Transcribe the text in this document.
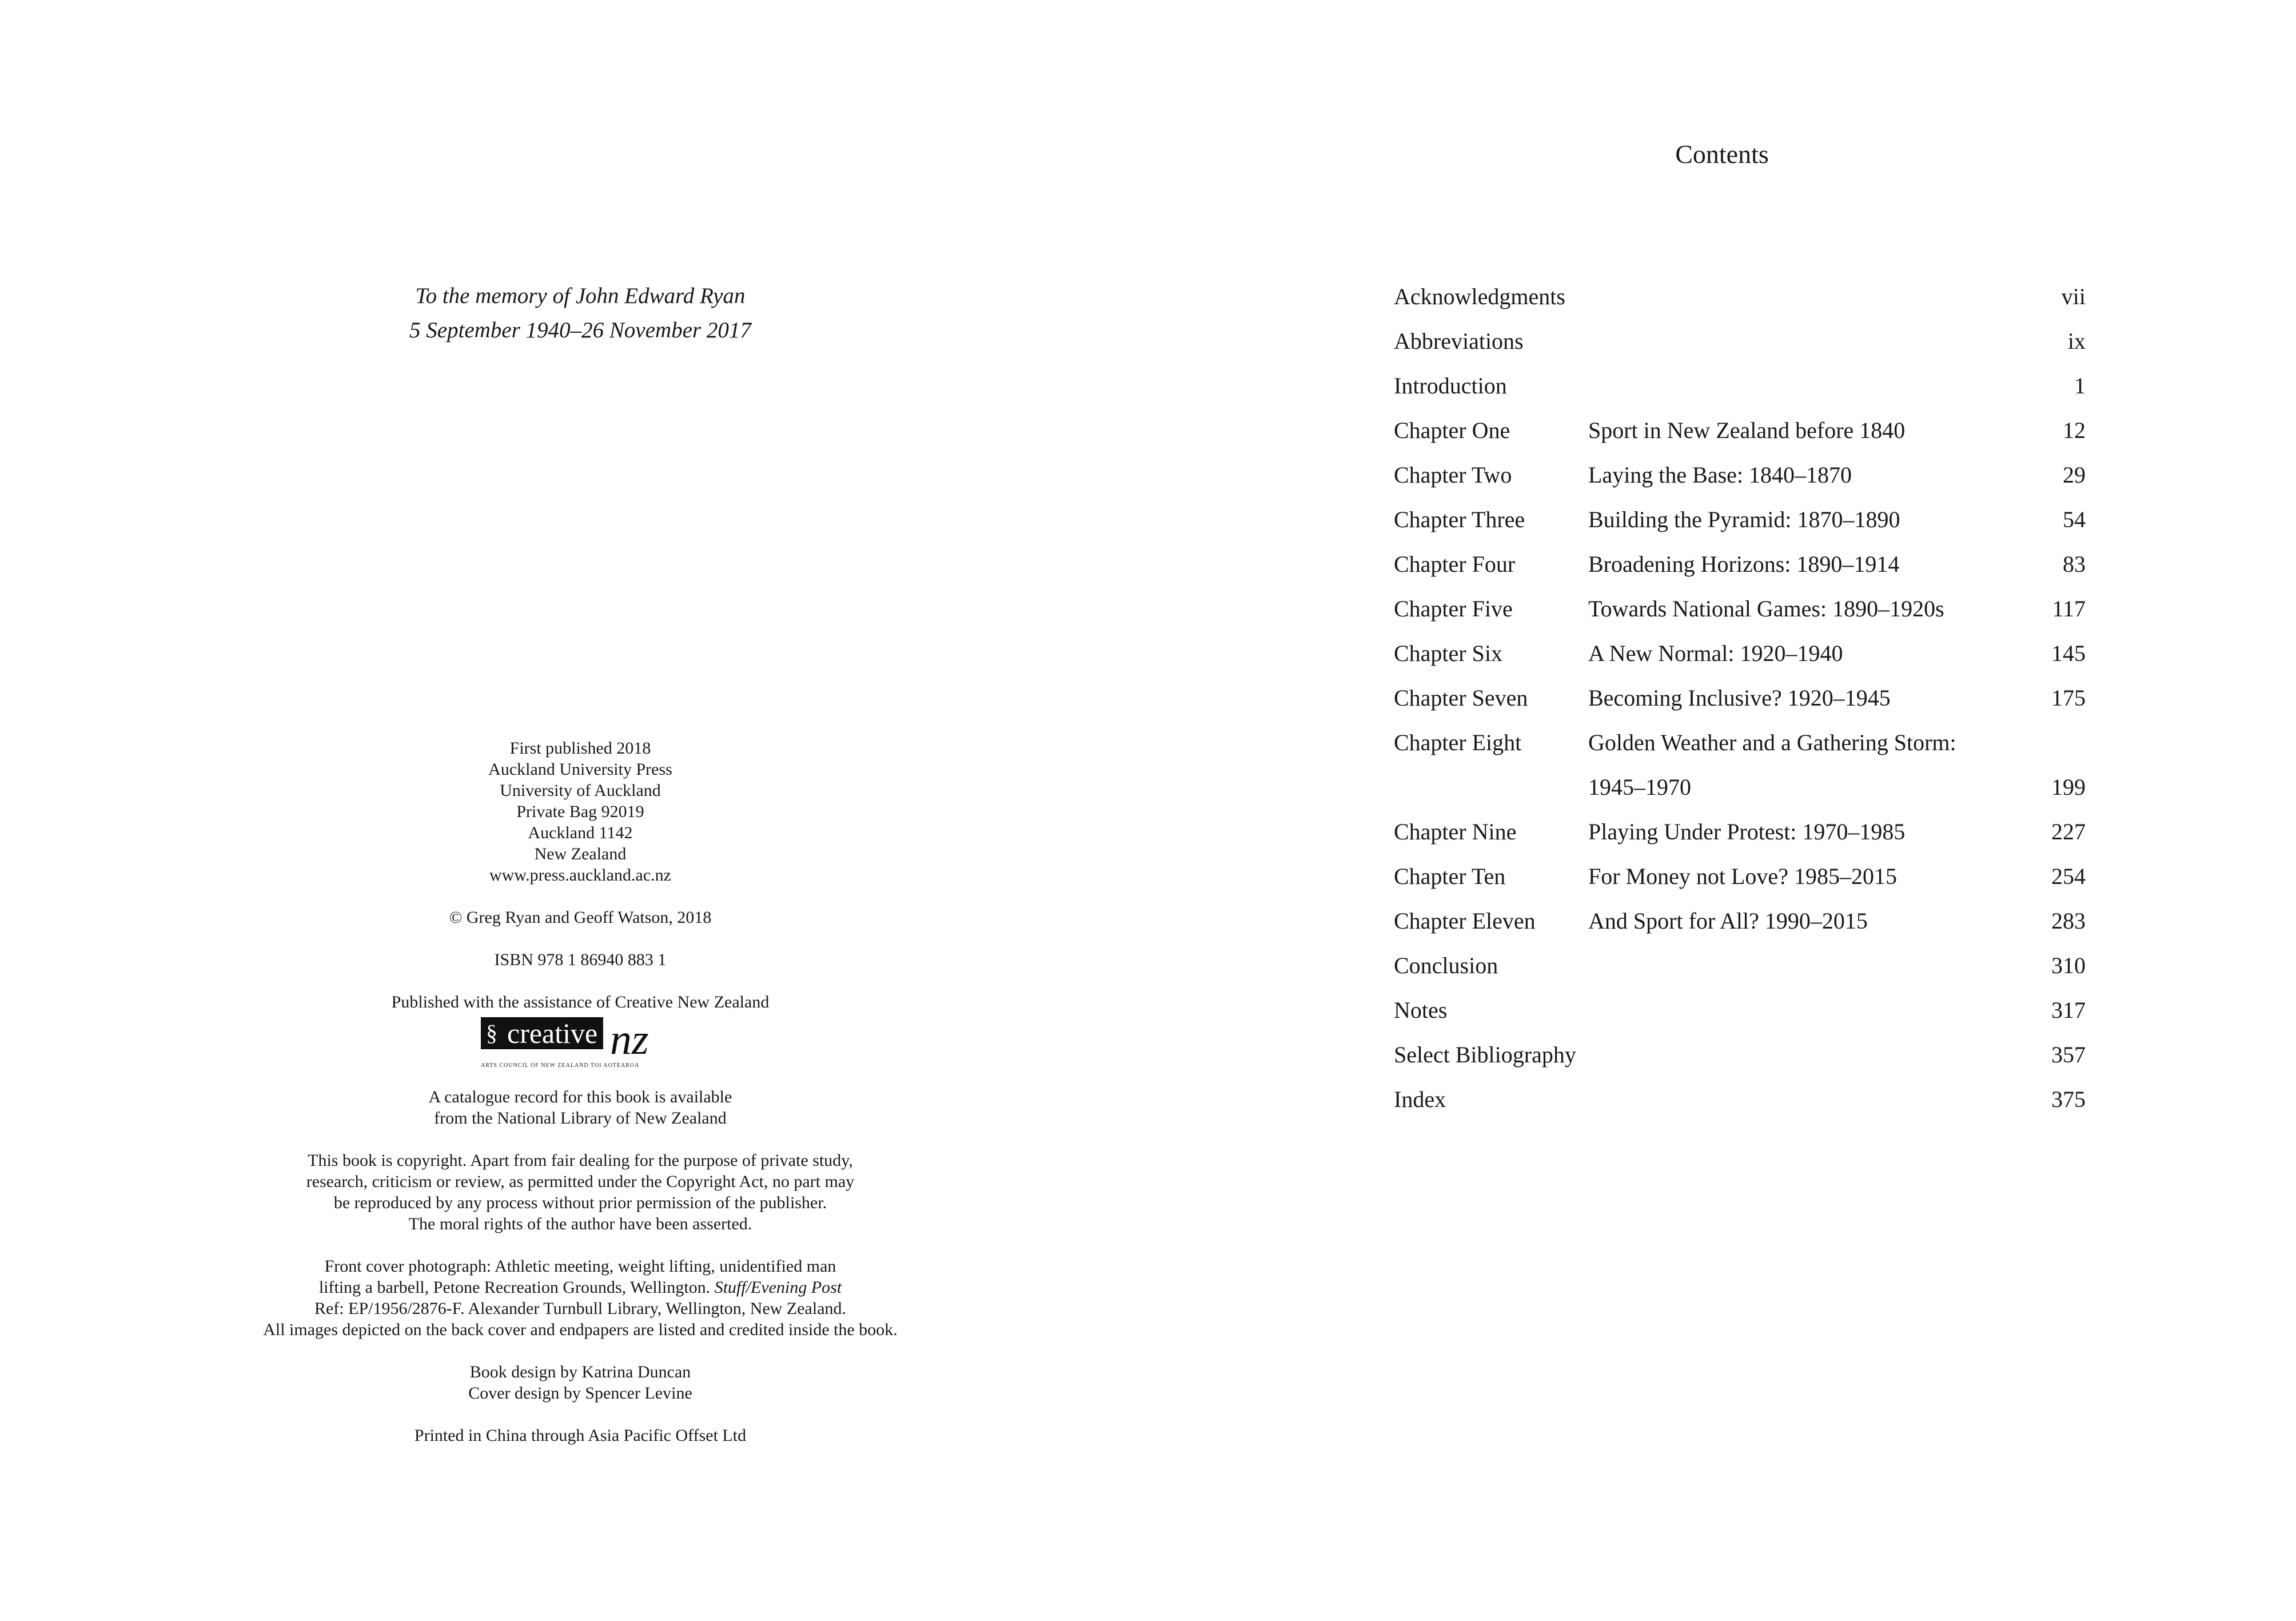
To the memory of John Edward Ryan
5 September 1940–26 November 2017
First published 2018
Auckland University Press
University of Auckland
Private Bag 92019
Auckland 1142
New Zealand
www.press.auckland.ac.nz
© Greg Ryan and Geoff Watson, 2018
ISBN 978 1 86940 883 1
Published with the assistance of Creative New Zealand
creative
§	nz
ARTS COUNCIL OF NEW ZEALAND TOI AOTEAROA
A catalogue record for this book is available
from the National Library of New Zealand
This book is copyright. Apart from fair dealing for the purpose of private study,
research, criticism or review, as permitted under the Copyright Act, no part may
be reproduced by any process without prior permission of the publisher.
The moral rights of the author have been asserted.
Front cover photograph: Athletic meeting, weight lifting, unidentified man
lifting a barbell, Petone Recreation Grounds, Wellington. Stuff/Evening Post
Ref: EP/1956/2876-F. Alexander Turnbull Library, Wellington, New Zealand.
All images depicted on the back cover and endpapers are listed and credited inside the book.
Book design by Katrina Duncan
Cover design by Spencer Levine
Printed in China through Asia Pacific Offset Ltd
Contents
Acknowledgments	vii
Abbreviations	ix
Introduction	1
Chapter One	Sport in New Zealand before 1840	12
Chapter Two	Laying the Base: 1840–1870	29
Chapter Three	Building the Pyramid: 1870–1890	54
Chapter Four	Broadening Horizons: 1890–1914	83
Chapter Five	Towards National Games: 1890–1920s	117
Chapter Six	A New Normal: 1920–1940	145
Chapter Seven	Becoming Inclusive? 1920–1945	175
Chapter Eight	Golden Weather and a Gathering Storm:
1945–1970	199
Chapter Nine	Playing Under Protest: 1970–1985	227
Chapter Ten	For Money not Love? 1985–2015	254
Chapter Eleven And Sport for All? 1990–2015	283
Conclusion	310
Notes	317
Select Bibliography	357
Index	375
